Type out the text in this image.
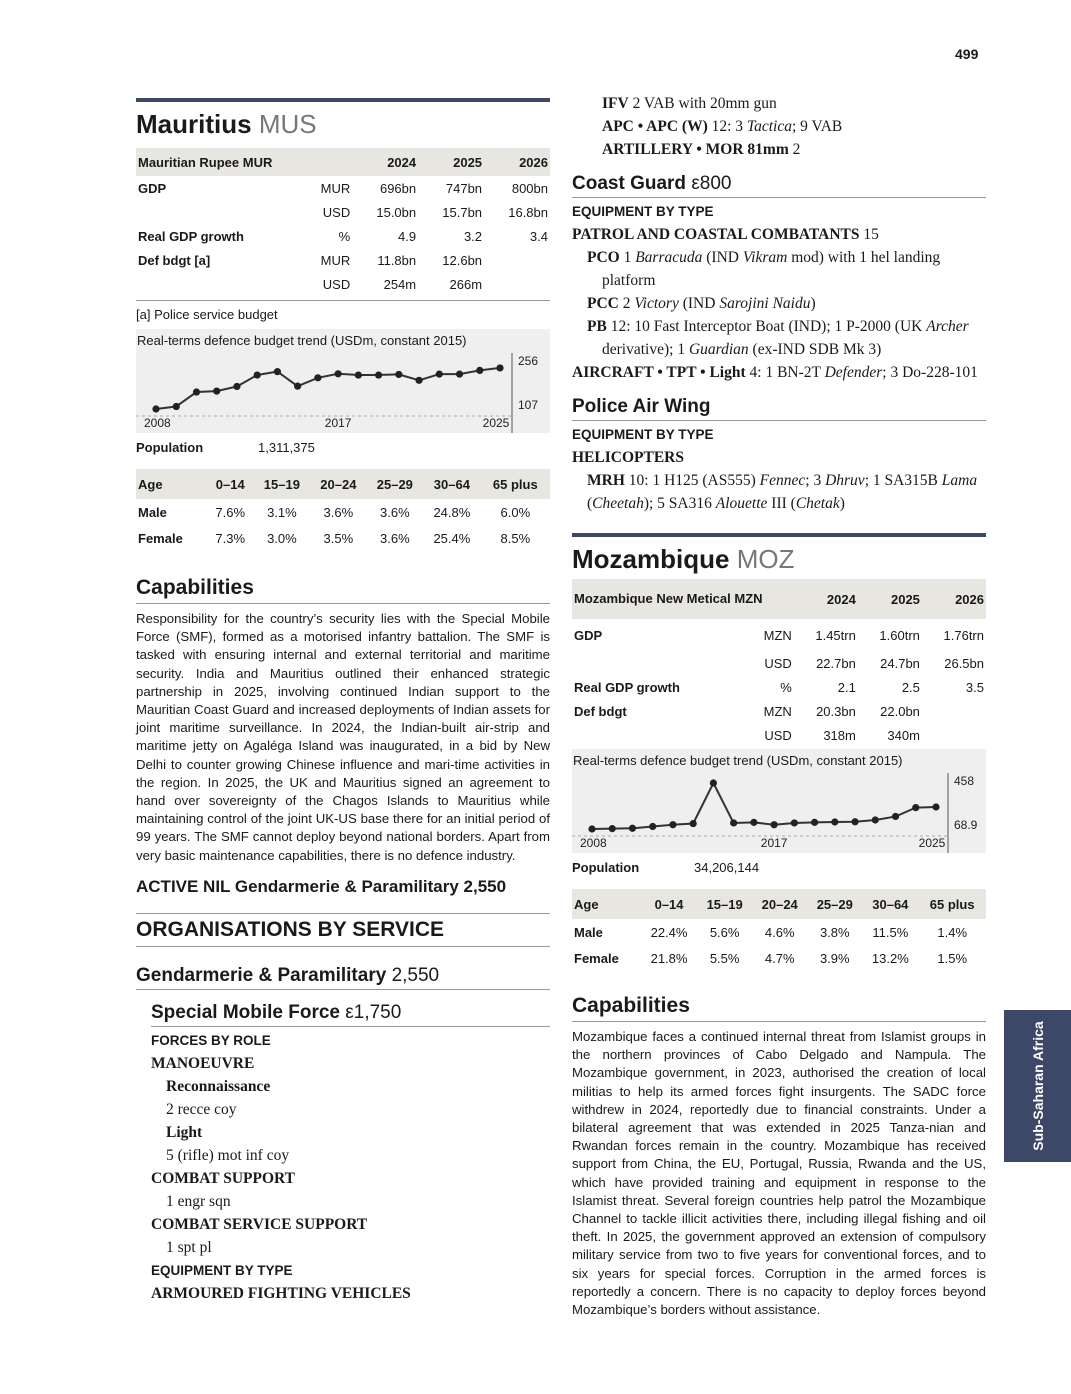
499
Mauritius MUS
Mauritian Rupee MUR		2024	2025	2026
GDP	MUR	696bn	747bn	800bn
	USD	15.0bn	15.7bn	16.8bn
Real GDP growth	%	4.9	3.2	3.4
Def bdgt [a]	MUR	11.8bn	12.6bn	
	USD	254m	266m	
[a] Police service budget
Real-terms defence budget trend (USDm, constant 2015)
256
107
2008	2017	2025
Population	1,311,375
Age	0–14	15–19	20–24	25–29	30–64	65 plus
Male	7.6%	3.1%	3.6%	3.6%	24.8%	6.0%
Female	7.3%	3.0%	3.5%	3.6%	25.4%	8.5%
Capabilities
Responsibility for the country’s security lies with the Special Mobile Force (SMF), formed as a motorised infantry battalion. The SMF is tasked with ensuring internal and external territorial and maritime security. India and Mauritius outlined their enhanced strategic partnership in 2025, involving continued Indian support to the Mauritian Coast Guard and increased deployments of Indian assets for joint maritime surveillance. In 2024, the Indian-built air-strip and maritime jetty on Agaléga Island was inaugurated, in a bid by New Delhi to counter growing Chinese influence and mari-time activities in the region. In 2025, the UK and Mauritius signed an agreement to hand over sovereignty of the Chagos Islands to Mauritius while maintaining control of the joint UK-US base there for an initial period of 99 years. The SMF cannot deploy beyond national borders. Apart from very basic maintenance capabilities, there is no defence industry.
ACTIVE NIL Gendarmerie & Paramilitary 2,550
ORGANISATIONS BY SERVICE
Gendarmerie & Paramilitary 2,550
Special Mobile Force ε1,750
FORCES BY ROLE
MANOEUVRE
Reconnaissance
2 recce coy
Light
5 (rifle) mot inf coy
COMBAT SUPPORT
1 engr sqn
COMBAT SERVICE SUPPORT
1 spt pl
EQUIPMENT BY TYPE
ARMOURED FIGHTING VEHICLES
IFV 2 VAB with 20mm gun
APC • APC (W) 12: 3 Tactica; 9 VAB
ARTILLERY • MOR 81mm 2
Coast Guard ε800
EQUIPMENT BY TYPE
PATROL AND COASTAL COMBATANTS 15
PCO 1 Barracuda (IND Vikram mod) with 1 hel landing platform
PCC 2 Victory (IND Sarojini Naidu)
PB 12: 10 Fast Interceptor Boat (IND); 1 P-2000 (UK Archer derivative); 1 Guardian (ex-IND SDB Mk 3)
AIRCRAFT • TPT • Light 4: 1 BN-2T Defender; 3 Do-228-101
Police Air Wing
EQUIPMENT BY TYPE
HELICOPTERS
MRH 10: 1 H125 (AS555) Fennec; 3 Dhruv; 1 SA315B Lama (Cheetah); 5 SA316 Alouette III (Chetak)
Mozambique MOZ
Mozambique New Metical MZN		2024	2025	2026
GDP	MZN	1.45trn	1.60trn	1.76trn
	USD	22.7bn	24.7bn	26.5bn
Real GDP growth	%	2.1	2.5	3.5
Def bdgt	MZN	20.3bn	22.0bn	
	USD	318m	340m	
Real-terms defence budget trend (USDm, constant 2015)
458
68.9
2008	2017	2025
Population	34,206,144
Age	0–14	15–19	20–24	25–29	30–64	65 plus
Male	22.4%	5.6%	4.6%	3.8%	11.5%	1.4%
Female	21.8%	5.5%	4.7%	3.9%	13.2%	1.5%
Capabilities
Mozambique faces a continued internal threat from Islamist groups in the northern provinces of Cabo Delgado and Nampula. The Mozambique government, in 2023, authorised the creation of local militias to help its armed forces fight insurgents. The SADC force withdrew in 2024, reportedly due to financial constraints. Under a bilateral agreement that was extended in 2025 Tanza-nian and Rwandan forces remain in the country. Mozambique has received support from China, the EU, Portugal, Russia, Rwanda and the US, which have provided training and equipment in response to the Islamist threat. Several foreign countries help patrol the Mozambique Channel to tackle illicit activities there, including illegal fishing and oil theft. In 2025, the government approved an extension of compulsory military service from two to five years for conventional forces, and to six years for special forces. Corruption in the armed forces is reportedly a concern. There is no capacity to deploy forces beyond Mozambique’s borders without assistance.
Sub-Saharan Africa
